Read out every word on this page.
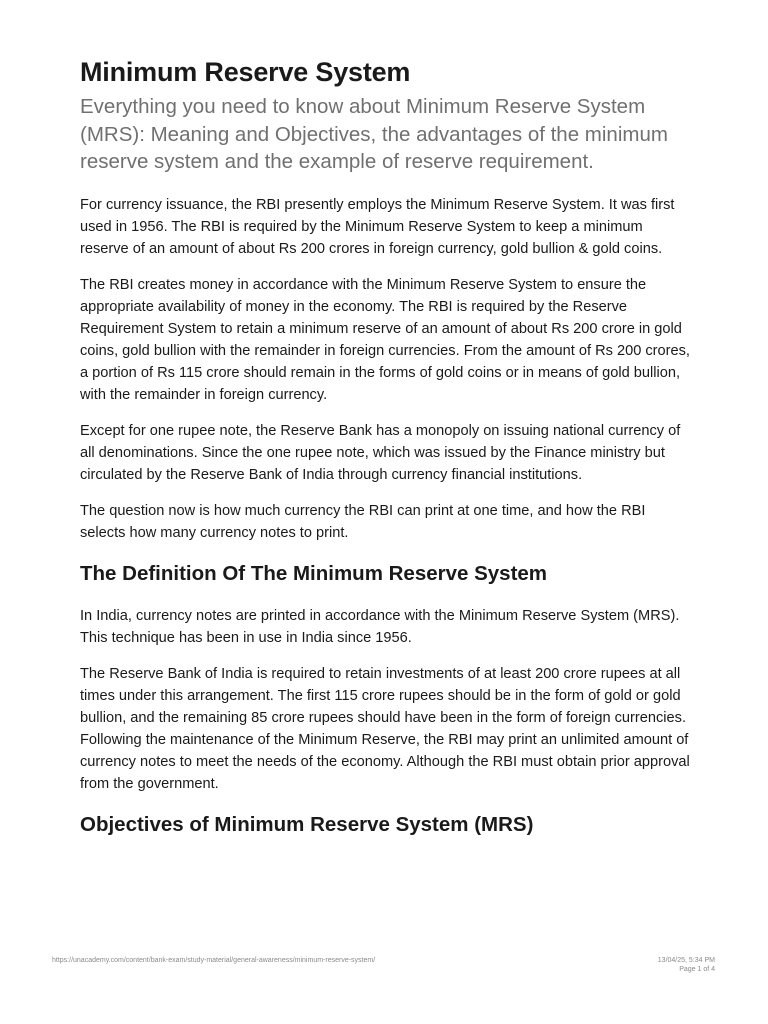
Minimum Reserve System
Everything you need to know about Minimum Reserve System (MRS): Meaning and Objectives, the advantages of the minimum reserve system and the example of reserve requirement.

For currency issuance, the RBI presently employs the Minimum Reserve System. It was first used in 1956. The RBI is required by the Minimum Reserve System to keep a minimum reserve of an amount of about Rs 200 crores in foreign currency, gold bullion & gold coins.

The RBI creates money in accordance with the Minimum Reserve System to ensure the appropriate availability of money in the economy. The RBI is required by the Reserve Requirement System to retain a minimum reserve of an amount of about Rs 200 crore in gold coins, gold bullion with the remainder in foreign currencies. From the amount of Rs 200 crores, a portion of Rs 115 crore should remain in the forms of gold coins or in means of gold bullion, with the remainder in foreign currency.

Except for one rupee note, the Reserve Bank has a monopoly on issuing national currency of all denominations. Since the one rupee note, which was issued by the Finance ministry but circulated by the Reserve Bank of India through currency financial institutions.

The question now is how much currency the RBI can print at one time, and how the RBI selects how many currency notes to print.

The Definition Of The Minimum Reserve System

In India, currency notes are printed in accordance with the Minimum Reserve System (MRS). This technique has been in use in India since 1956.

The Reserve Bank of India is required to retain investments of at least 200 crore rupees at all times under this arrangement. The first 115 crore rupees should be in the form of gold or gold bullion, and the remaining 85 crore rupees should have been in the form of foreign currencies. Following the maintenance of the Minimum Reserve, the RBI may print an unlimited amount of currency notes to meet the needs of the economy. Although the RBI must obtain prior approval from the government.

Objectives of Minimum Reserve System (MRS)
https://unacademy.com/content/bank-exam/study-material/general-awareness/minimum-reserve-system/	13/04/25, 5:34 PM
Page 1 of 4
